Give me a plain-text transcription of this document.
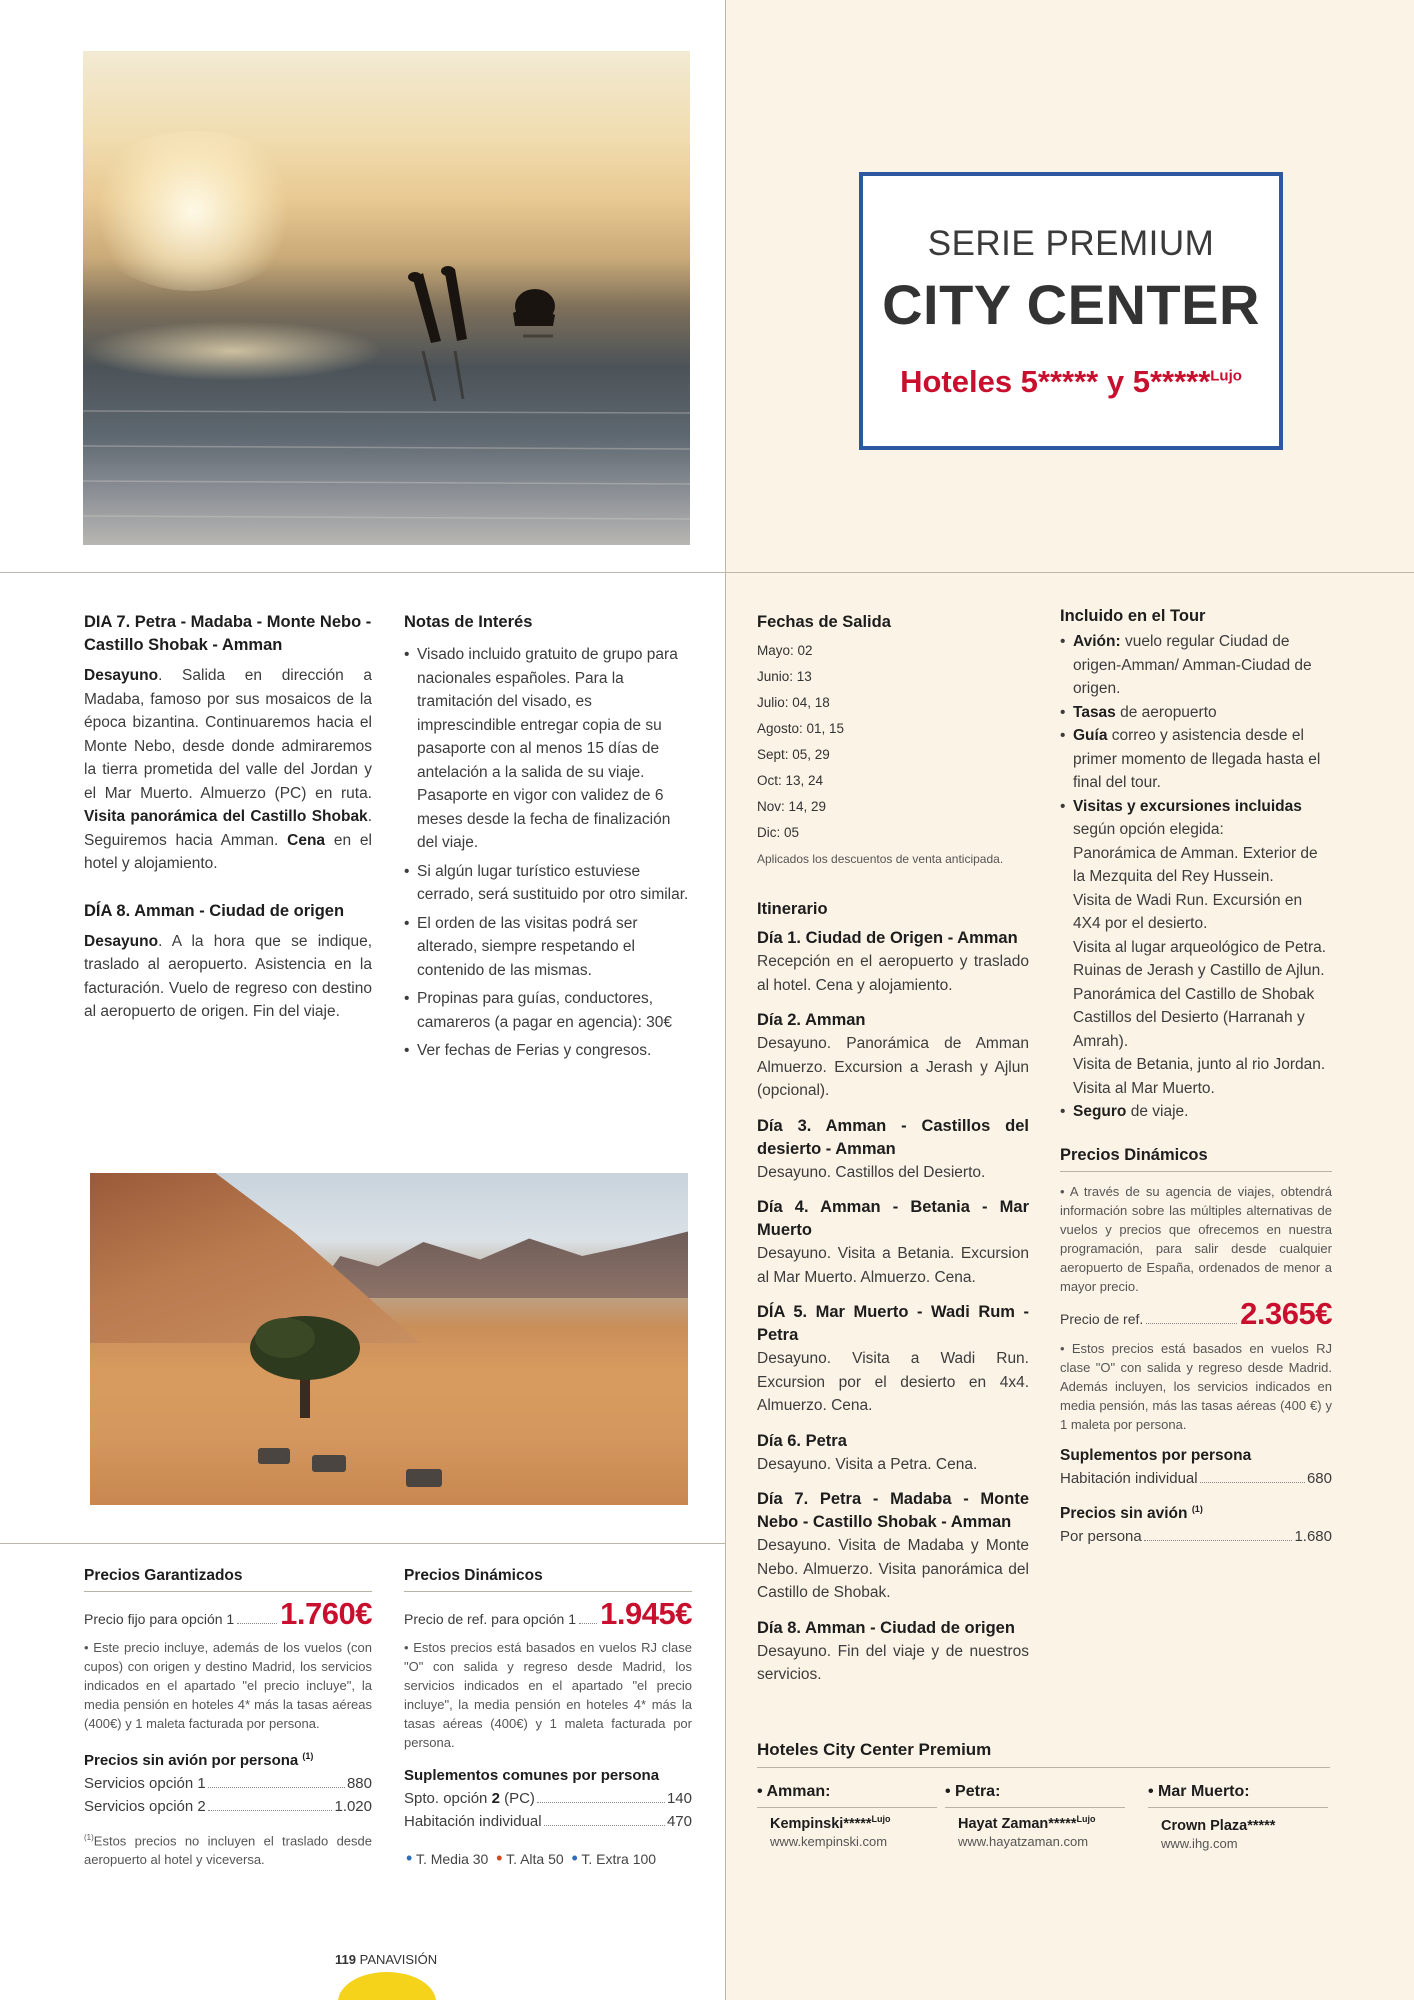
SERIE PREMIUM
CITY CENTER
Hoteles 5***** y 5*****$^{Lujo}$
DIA 7. Petra - Madaba - Monte Nebo - Castillo Shobak - Amman
Desayuno. Salida en dirección a Madaba, famoso por sus mosaicos de la época bizantina. Continuaremos hacia el Monte Nebo, desde donde admiraremos la tierra prometida del valle del Jordan y el Mar Muerto. Almuerzo (PC) en ruta. Visita panorámica del Castillo Shobak. Seguiremos hacia Amman. Cena en el hotel y alojamiento.
DÍA 8. Amman - Ciudad de origen
Desayuno. A la hora que se indique, traslado al aeropuerto. Asistencia en la facturación. Vuelo de regreso con destino al aeropuerto de origen. Fin del viaje.
Notas de Interés
• Visado incluido gratuito de grupo para nacionales españoles. Para la tramitación del visado, es imprescindible entregar copia de su pasaporte con al menos 15 días de antelación a la salida de su viaje. Pasaporte en vigor con validez de 6 meses desde la fecha de finalización del viaje.
• Si algún lugar turístico estuviese cerrado, será sustituido por otro similar.
• El orden de las visitas podrá ser alterado, siempre respetando el contenido de las mismas.
• Propinas para guías, conductores, camareros (a pagar en agencia): 30€
• Ver fechas de Ferias y congresos.
Fechas de Salida
Mayo: 02
Junio: 13
Julio: 04, 18
Agosto: 01, 15
Sept: 05, 29
Oct: 13, 24
Nov: 14, 29
Dic: 05
Aplicados los descuentos de venta anticipada.
Itinerario
Día 1. Ciudad de Origen - Amman
Recepción en el aeropuerto y traslado al hotel. Cena y alojamiento.
Día 2. Amman
Desayuno. Panorámica de Amman Almuerzo. Excursion a Jerash y Ajlun (opcional).
Día 3. Amman - Castillos del desierto - Amman
Desayuno. Castillos del Desierto.
Día 4. Amman - Betania - Mar Muerto
Desayuno. Visita a Betania. Excursion al Mar Muerto. Almuerzo. Cena.
DÍA 5. Mar Muerto - Wadi Rum - Petra
Desayuno. Visita a Wadi Run. Excursion por el desierto en 4x4. Almuerzo. Cena.
Día 6. Petra
Desayuno. Visita a Petra. Cena.
Día 7. Petra - Madaba - Monte Nebo - Castillo Shobak - Amman
Desayuno. Visita de Madaba y Monte Nebo. Almuerzo. Visita panorámica del Castillo de Shobak.
Día 8. Amman - Ciudad de origen
Desayuno. Fin del viaje y de nuestros servicios.
Incluido en el Tour
• Avión: vuelo regular Ciudad de origen-Amman/ Amman-Ciudad de origen.
• Tasas de aeropuerto
• Guía correo y asistencia desde el primer momento de llegada hasta el final del tour.
• Visitas y excursiones incluidas
según opción elegida:
Panorámica de Amman. Exterior de la Mezquita del Rey Hussein.
Visita de Wadi Run. Excursión en 4X4 por el desierto.
Visita al lugar arqueológico de Petra.
Ruinas de Jerash y Castillo de Ajlun. Panorámica del Castillo de Shobak
Castillos del Desierto (Harranah y Amrah).
Visita de Betania, junto al rio Jordan.
Visita al Mar Muerto.
• Seguro de viaje.
Precios Dinámicos
• A través de su agencia de viajes, obtendrá información sobre las múltiples alternativas de vuelos y precios que ofrecemos en nuestra programación, para salir desde cualquier aeropuerto de España, ordenados de menor a mayor precio.
Precio de ref.	2.365€
• Estos precios está basados en vuelos RJ clase "O" con salida y regreso desde Madrid. Además incluyen, los servicios indicados en media pensión, más las tasas aéreas (400 €) y 1 maleta por persona.
Suplementos por persona
Habitación individual	680
Precios sin avión $^{(1)}$
Por persona	1.680
Precios Garantizados
Precio fijo para opción 1 1.760€
• Este precio incluye, además de los vuelos (con cupos) con origen y destino Madrid, los servicios indicados en el apartado "el precio incluye", la media pensión en hoteles 4* más la tasas aéreas (400€) y 1 maleta facturada por persona.
Precios sin avión por persona $^{(1)}$
Servicios opción 1	880
Servicios opción 2	1.020
$^{(1)}$Estos precios no incluyen el traslado desde aeropuerto al hotel y viceversa.
Precios Dinámicos
Precio de ref. para opción 1 1.945€
• Estos precios está basados en vuelos RJ clase "O" con salida y regreso desde Madrid, los servicios indicados en el apartado "el precio incluye", la media pensión en hoteles 4* más la tasas aéreas (400€) y 1 maleta facturada por persona.
Suplementos comunes por persona
Spto. opción 2 (PC)	140
Habitación individual	470
• T. Media 30 • T. Alta 50 • T. Extra 100
Hoteles City Center Premium
• Amman:
Kempinski*****$^{Lujo}$
www.kempinski.com
• Petra:
Hayat Zaman*****$^{Lujo}$
www.hayatzaman.com
• Mar Muerto:
Crown Plaza*****
www.ihg.com
119 PANAVISIÓN
